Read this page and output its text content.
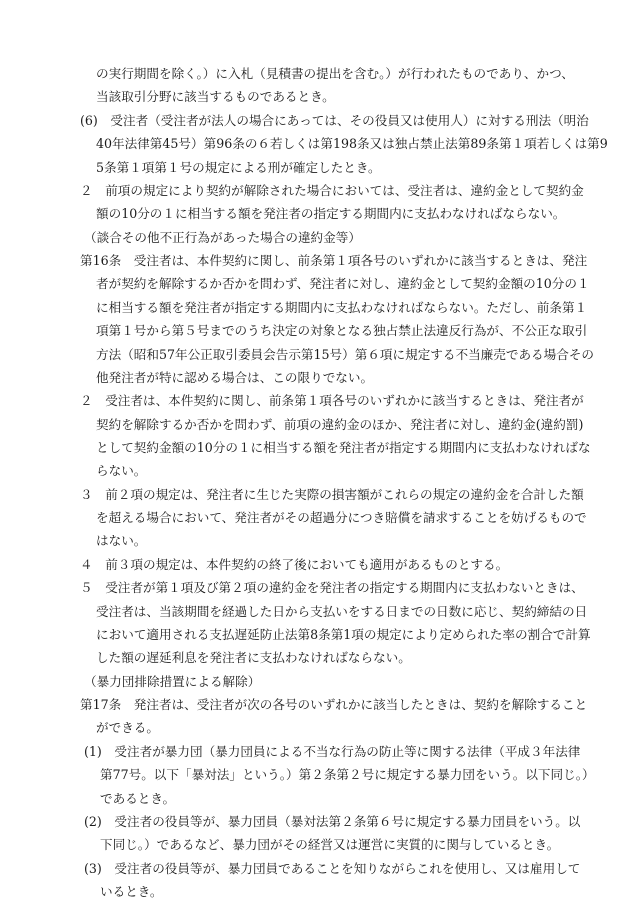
の実行期間を除く。）に入札（見積書の提出を含む。）が行われたものであり、かつ、
当該取引分野に該当するものであるとき。
(6)　受注者（受注者が法人の場合にあっては、その役員又は使用人）に対する刑法（明治
40年法律第45号）第96条の６若しくは第198条又は独占禁止法第89条第１項若しくは第9
5条第１項第１号の規定による刑が確定したとき。
２　前項の規定により契約が解除された場合においては、受注者は、違約金として契約金
額の10分の１に相当する額を発注者の指定する期間内に支払わなければならない。
（談合その他不正行為があった場合の違約金等）
第16条　受注者は、本件契約に関し、前条第１項各号のいずれかに該当するときは、発注
者が契約を解除するか否かを問わず、発注者に対し、違約金として契約金額の10分の１
に相当する額を発注者が指定する期間内に支払わなければならない。ただし、前条第１
項第１号から第５号までのうち決定の対象となる独占禁止法違反行為が、不公正な取引
方法（昭和57年公正取引委員会告示第15号）第６項に規定する不当廉売である場合その
他発注者が特に認める場合は、この限りでない。
２　受注者は、本件契約に関し、前条第１項各号のいずれかに該当するときは、発注者が
契約を解除するか否かを問わず、前項の違約金のほか、発注者に対し、違約金(違約罰)
として契約金額の10分の１に相当する額を発注者が指定する期間内に支払わなければな
らない。
３　前２項の規定は、発注者に生じた実際の損害額がこれらの規定の違約金を合計した額
を超える場合において、発注者がその超過分につき賠償を請求することを妨げるもので
はない。
４　前３項の規定は、本件契約の終了後においても適用があるものとする。
５　受注者が第１項及び第２項の違約金を発注者の指定する期間内に支払わないときは、
受注者は、当該期間を経過した日から支払いをする日までの日数に応じ、契約締結の日
において適用される支払遅延防止法第8条第1項の規定により定められた率の割合で計算
した額の遅延利息を発注者に支払わなければならない。
（暴力団排除措置による解除）
第17条　発注者は、受注者が次の各号のいずれかに該当したときは、契約を解除すること
ができる。
(1)　受注者が暴力団（暴力団員による不当な行為の防止等に関する法律（平成３年法律
第77号。以下「暴対法」という。）第２条第２号に規定する暴力団をいう。以下同じ。）
であるとき。
(2)　受注者の役員等が、暴力団員（暴対法第２条第６号に規定する暴力団員をいう。以
下同じ。）であるなど、暴力団がその経営又は運営に実質的に関与しているとき。
(3)　受注者の役員等が、暴力団員であることを知りながらこれを使用し、又は雇用して
いるとき。
